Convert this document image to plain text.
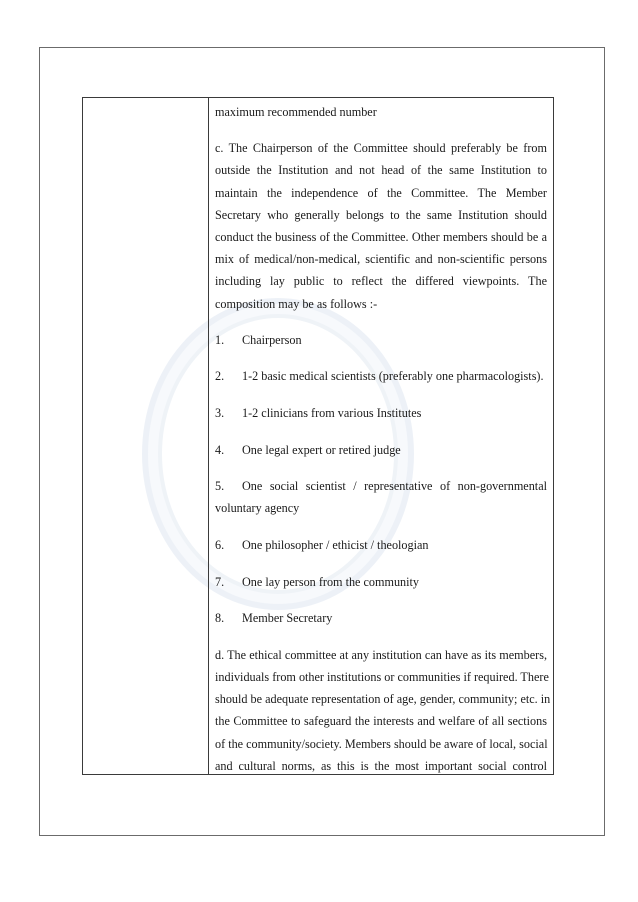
maximum recommended number

c. The Chairperson of the Committee should preferably be from

outside the Institution and not head of the same Institution to

maintain the independence of the Committee. The Member

Secretary who generally belongs to the same Institution should

conduct the business of the Committee. Other members should be a

mix of medical/non-medical, scientific and non-scientific persons

including lay public to reflect the differed viewpoints. The

composition may be as follows :-

1.	Chairperson
2.	1-2 basic medical scientists (preferably one pharmacologists).
3.	1-2 clinicians from various Institutes
4.	One legal expert or retired judge

5.	One social scientist / representative of non-governmental

voluntary agency

6.	One philosopher / ethicist / theologian
7.	One lay person from the community
8.	Member Secretary

d. The ethical committee at any institution can have as its members,

individuals from other institutions or communities if required. There

should be adequate representation of age, gender, community; etc. in

the Committee to safeguard the interests and welfare of all sections

of the community/society. Members should be aware of local, social

and cultural norms, as this is the most important social control
